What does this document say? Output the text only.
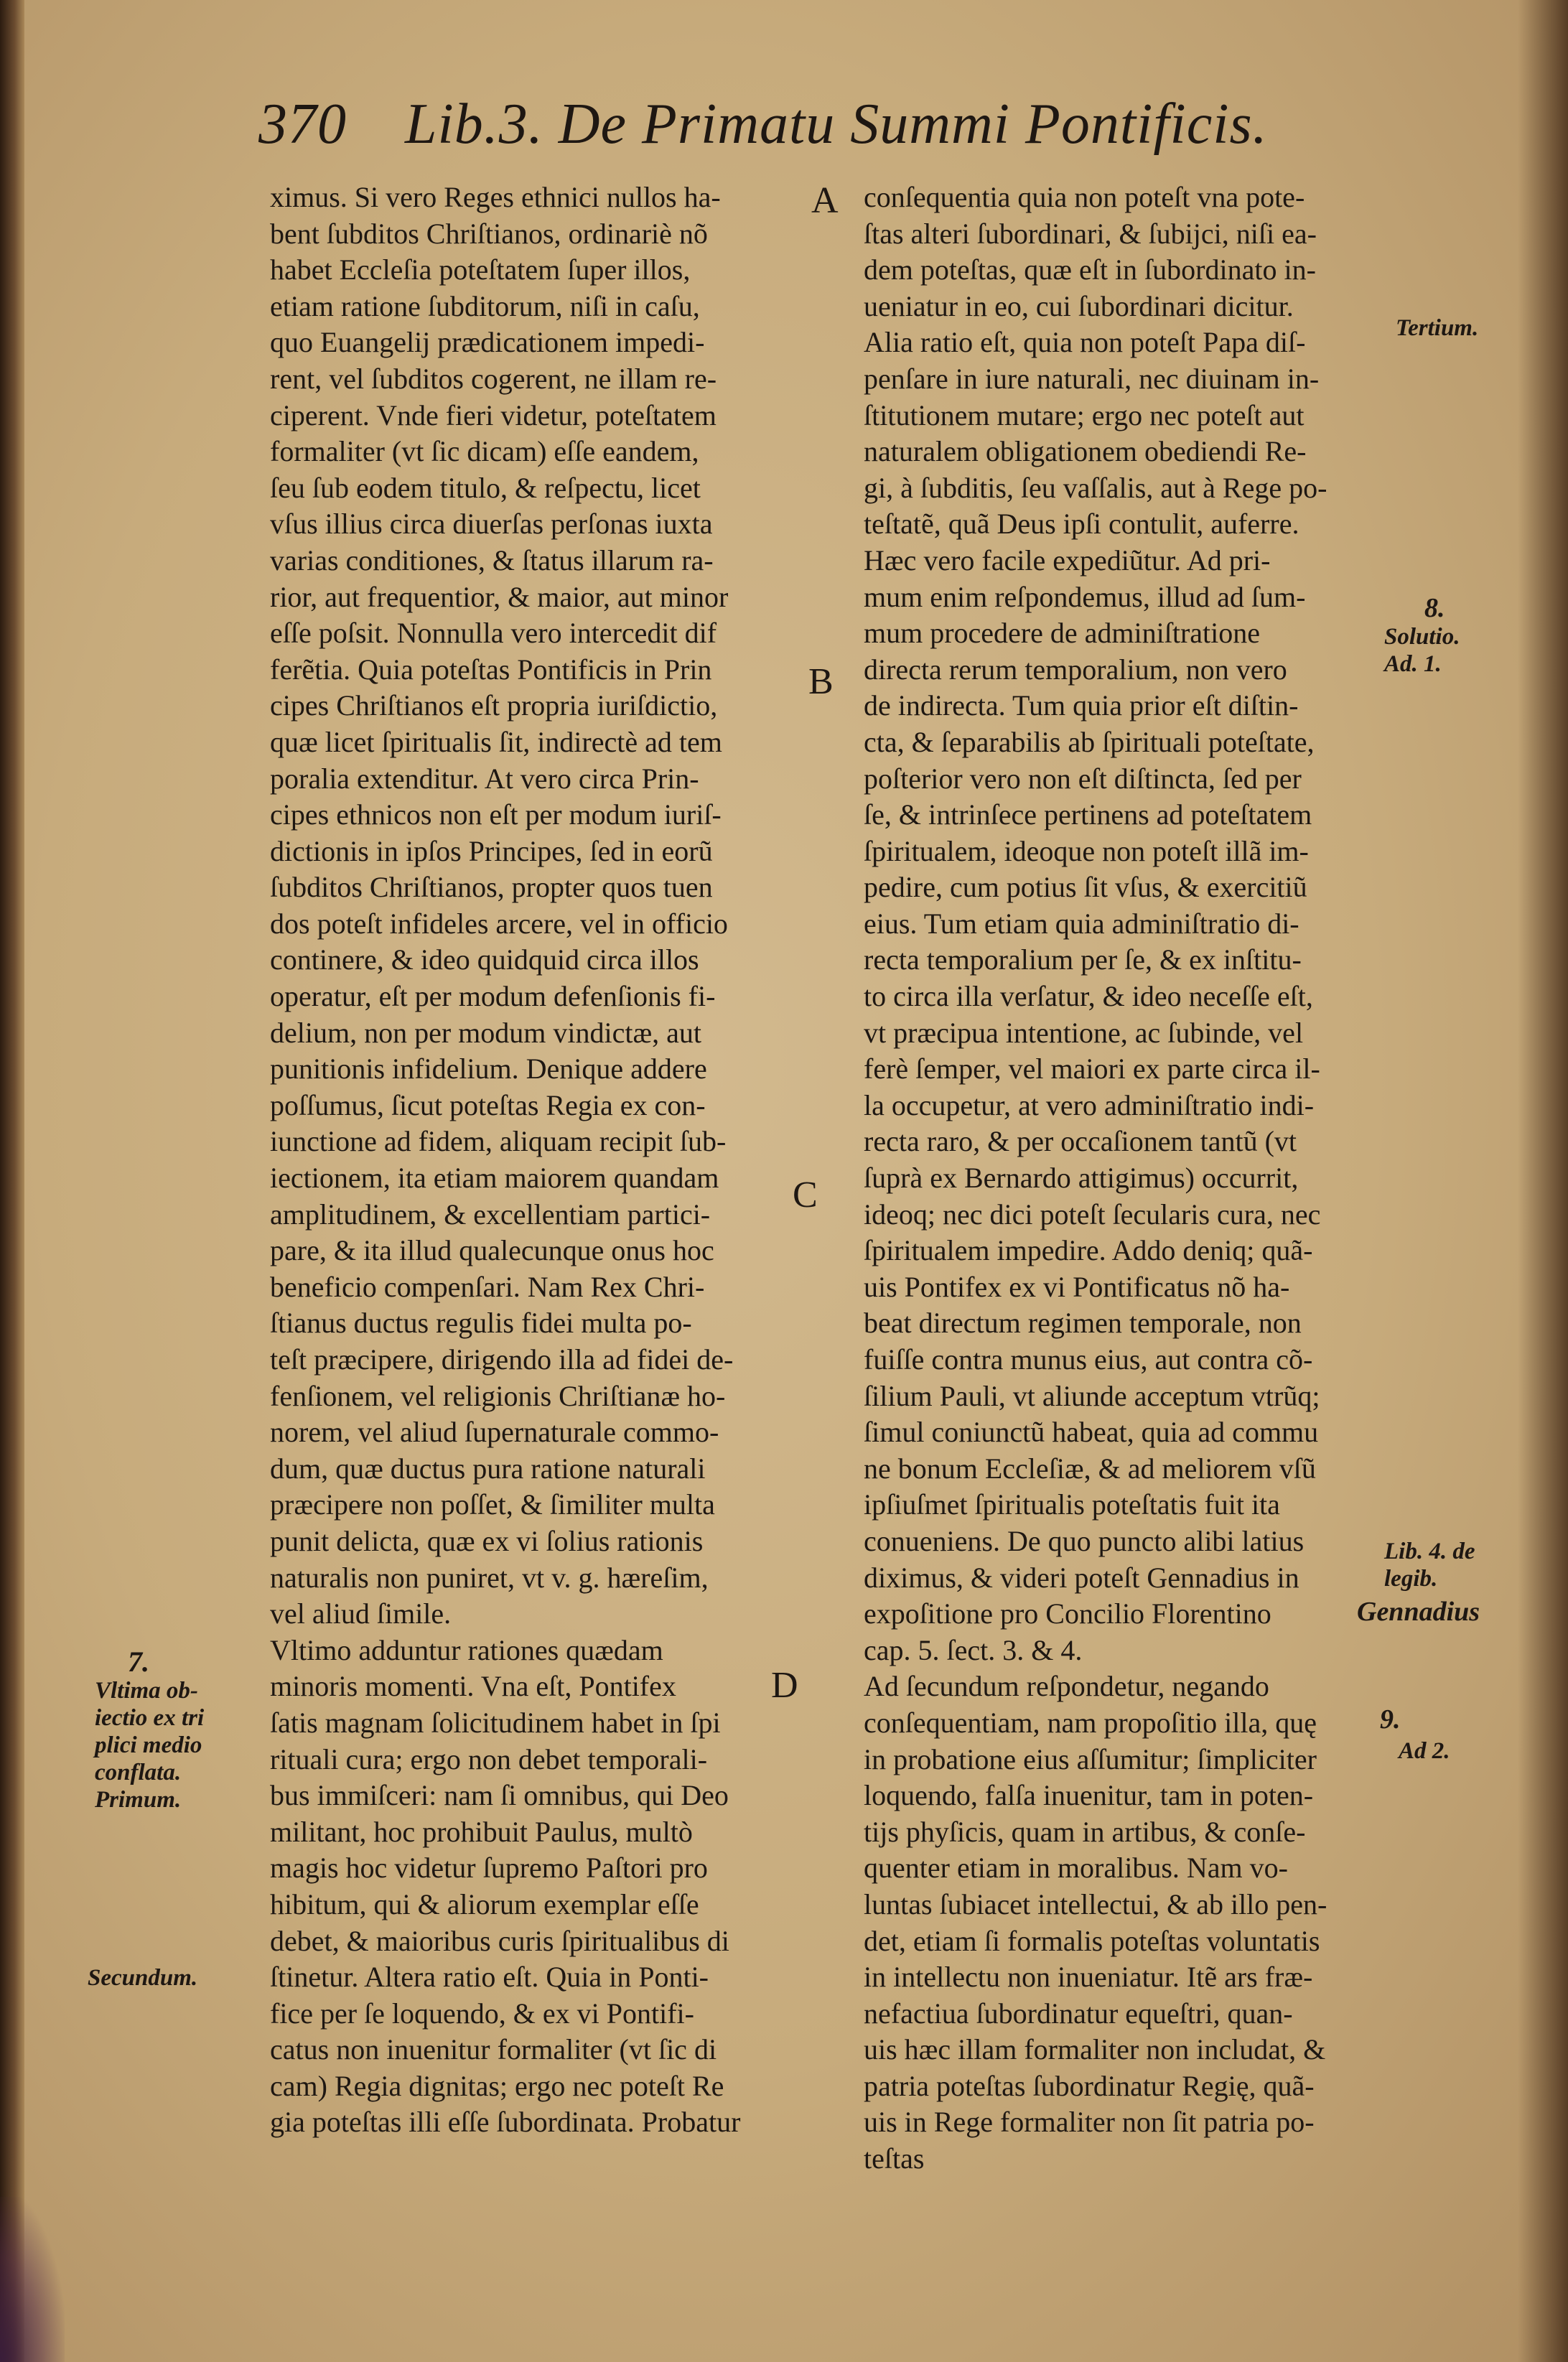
370 Lib.3. De Primatu Summi Pontificis.
ximus. Si vero Reges ethnici nullos ha-
bent ſubditos Chriſtianos, ordinariè nõ
habet Eccleſia poteſtatem ſuper illos,
etiam ratione ſubditorum, niſi in caſu,
quo Euangelij prædicationem impedi-
rent, vel ſubditos cogerent, ne illam re-
ciperent. Vnde fieri videtur, poteſtatem
formaliter (vt ſic dicam) eſſe eandem,
ſeu ſub eodem titulo, & reſpectu, licet
vſus illius circa diuerſas perſonas iuxta
varias conditiones, & ſtatus illarum ra-
rior, aut frequentior, & maior, aut minor
eſſe poſsit. Nonnulla vero intercedit dif
ferẽtia. Quia poteſtas Pontificis in Prin
cipes Chriſtianos eſt propria iuriſdictio,
quæ licet ſpiritualis ſit, indirectè ad tem
poralia extenditur. At vero circa Prin-
cipes ethnicos non eſt per modum iuriſ-
dictionis in ipſos Principes, ſed in eorũ
ſubditos Chriſtianos, propter quos tuen
dos poteſt infideles arcere, vel in officio
continere, & ideo quidquid circa illos
operatur, eſt per modum defenſionis fi-
delium, non per modum vindictæ, aut
punitionis infidelium. Denique addere
poſſumus, ſicut poteſtas Regia ex con-
iunctione ad fidem, aliquam recipit ſub-
iectionem, ita etiam maiorem quandam
amplitudinem, & excellentiam partici-
pare, & ita illud qualecunque onus hoc
beneficio compenſari. Nam Rex Chri-
ſtianus ductus regulis fidei multa po-
teſt præcipere, dirigendo illa ad fidei de-
fenſionem, vel religionis Chriſtianæ ho-
norem, vel aliud ſupernaturale commo-
dum, quæ ductus pura ratione naturali
præcipere non poſſet, & ſimiliter multa
punit delicta, quæ ex vi ſolius rationis
naturalis non puniret, vt v. g. hæreſim,
vel aliud ſimile.
Vltimo adduntur rationes quædam
minoris momenti. Vna eſt, Pontifex
ſatis magnam ſolicitudinem habet in ſpi
rituali cura; ergo non debet temporali-
bus immiſceri: nam ſi omnibus, qui Deo
militant, hoc prohibuit Paulus, multò
magis hoc videtur ſupremo Paſtori pro
hibitum, qui & aliorum exemplar eſſe
debet, & maioribus curis ſpiritualibus di
ſtinetur. Altera ratio eſt. Quia in Ponti-
fice per ſe loquendo, & ex vi Pontifi-
catus non inuenitur formaliter (vt ſic di
cam) Regia dignitas; ergo nec poteſt Re
gia poteſtas illi eſſe ſubordinata. Probatur
conſequentia quia non poteſt vna pote-
ſtas alteri ſubordinari, & ſubijci, niſi ea-
dem poteſtas, quæ eſt in ſubordinato in-
ueniatur in eo, cui ſubordinari dicitur.
Alia ratio eſt, quia non poteſt Papa diſ-
penſare in iure naturali, nec diuinam in-
ſtitutionem mutare; ergo nec poteſt aut
naturalem obligationem obediendi Re-
gi, à ſubditis, ſeu vaſſalis, aut à Rege po-
teſtatẽ, quã Deus ipſi contulit, auferre.
Hæc vero facile expediũtur. Ad pri-
mum enim reſpondemus, illud ad ſum-
mum procedere de adminiſtratione
directa rerum temporalium, non vero
de indirecta. Tum quia prior eſt diſtin-
cta, & ſeparabilis ab ſpirituali poteſtate,
poſterior vero non eſt diſtincta, ſed per
ſe, & intrinſece pertinens ad poteſtatem
ſpiritualem, ideoque non poteſt illã im-
pedire, cum potius ſit vſus, & exercitiũ
eius. Tum etiam quia adminiſtratio di-
recta temporalium per ſe, & ex inſtitu-
to circa illa verſatur, & ideo neceſſe eſt,
vt præcipua intentione, ac ſubinde, vel
ferè ſemper, vel maiori ex parte circa il-
la occupetur, at vero adminiſtratio indi-
recta raro, & per occaſionem tantũ (vt
ſuprà ex Bernardo attigimus) occurrit,
ideoq; nec dici poteſt ſecularis cura, nec
ſpiritualem impedire. Addo deniq; quã-
uis Pontifex ex vi Pontificatus nõ ha-
beat directum regimen temporale, non
fuiſſe contra munus eius, aut contra cõ-
ſilium Pauli, vt aliunde acceptum vtrũq;
ſimul coniunctũ habeat, quia ad commu
ne bonum Eccleſiæ, & ad meliorem vſũ
ipſiuſmet ſpiritualis poteſtatis fuit ita
conueniens. De quo puncto alibi latius
diximus, & videri poteſt Gennadius in
expoſitione pro Concilio Florentino
cap. 5. ſect. 3. & 4.
Ad ſecundum reſpondetur, negando
conſequentiam, nam propoſitio illa, quę
in probatione eius aſſumitur; ſimpliciter
loquendo, falſa inuenitur, tam in poten-
tijs phyſicis, quam in artibus, & conſe-
quenter etiam in moralibus. Nam vo-
luntas ſubiacet intellectui, & ab illo pen-
det, etiam ſi formalis poteſtas voluntatis
in intellectu non inueniatur. Itẽ ars fræ-
nefactiua ſubordinatur equeſtri, quan-
uis hæc illam formaliter non includat, &
patria poteſtas ſubordinatur Regię, quã-
uis in Rege formaliter non ſit patria po-
teſtas
A
B
C
D
7.
Vltima ob-
iectio ex tri
plici medio
conflata.
Primum.
Secundum.
Tertium.
8.
Solutio.
Ad. 1.
Lib. 4. de
legib.
Gennadius
9.
Ad 2.
